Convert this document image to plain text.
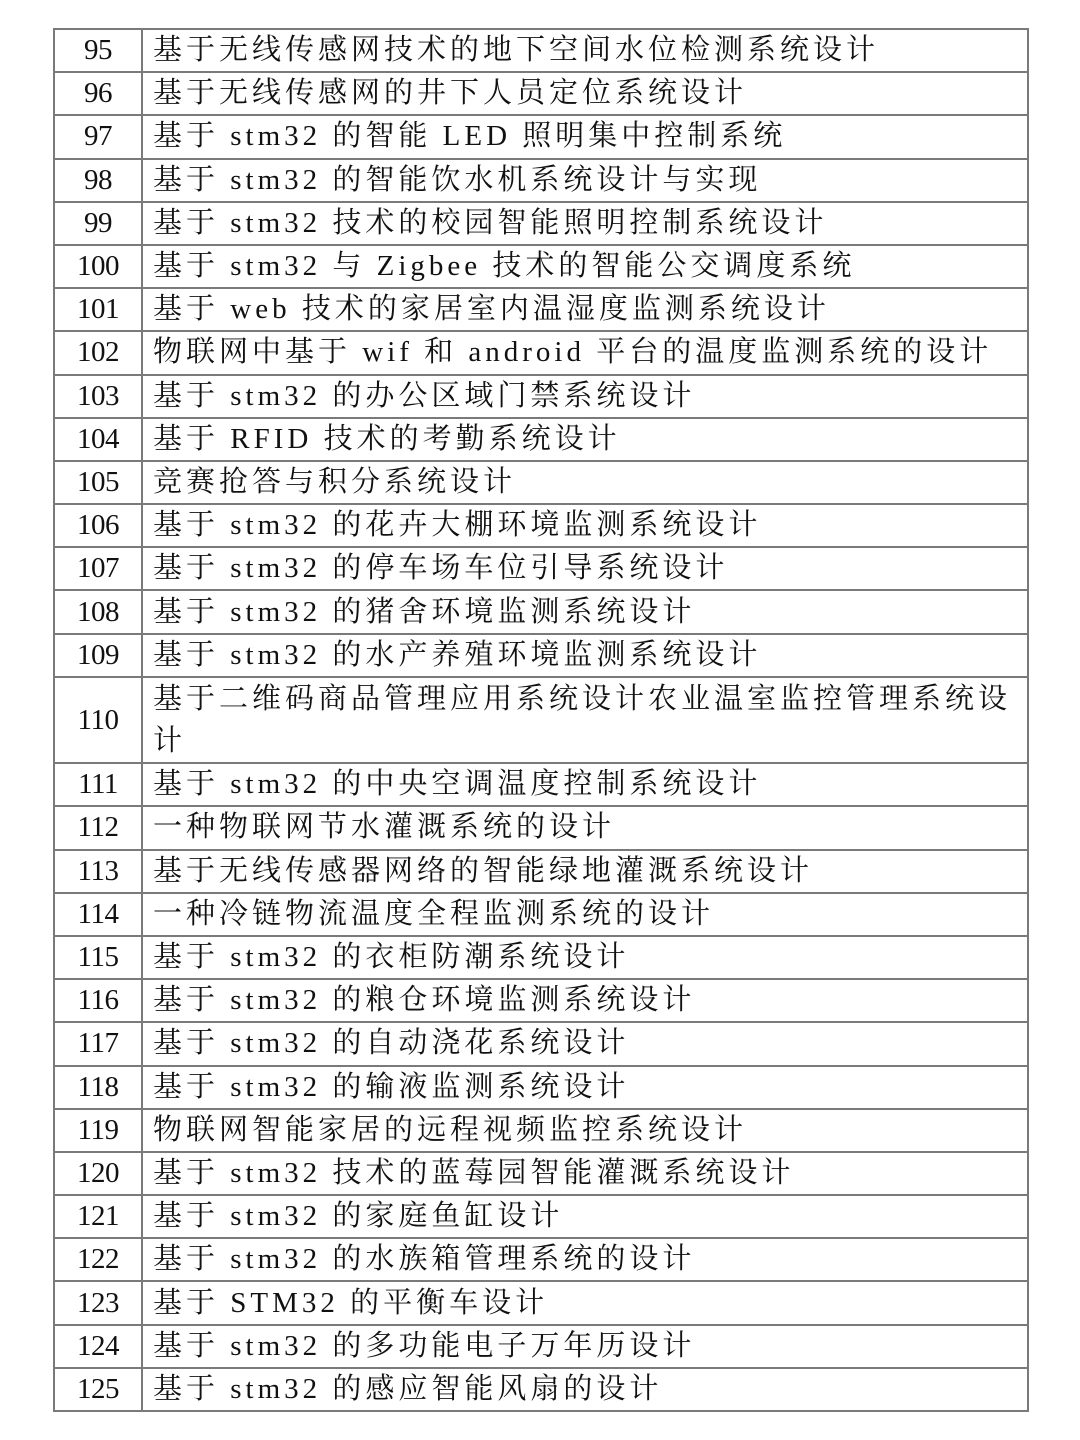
95	基于无线传感网技术的地下空间水位检测系统设计
96	基于无线传感网的井下人员定位系统设计
97	基于 stm32 的智能 LED 照明集中控制系统
98	基于 stm32 的智能饮水机系统设计与实现
99	基于 stm32 技术的校园智能照明控制系统设计
100	基于 stm32 与 Zigbee 技术的智能公交调度系统
101	基于 web 技术的家居室内温湿度监测系统设计
102	物联网中基于 wif 和 android 平台的温度监测系统的设计
103	基于 stm32 的办公区域门禁系统设计
104	基于 RFID 技术的考勤系统设计
105	竞赛抢答与积分系统设计
106	基于 stm32 的花卉大棚环境监测系统设计
107	基于 stm32 的停车场车位引导系统设计
108	基于 stm32 的猪舍环境监测系统设计
109	基于 stm32 的水产养殖环境监测系统设计
110	基于二维码商品管理应用系统设计农业温室监控管理系统设计
111	基于 stm32 的中央空调温度控制系统设计
112	一种物联网节水灌溉系统的设计
113	基于无线传感器网络的智能绿地灌溉系统设计
114	一种冷链物流温度全程监测系统的设计
115	基于 stm32 的衣柜防潮系统设计
116	基于 stm32 的粮仓环境监测系统设计
117	基于 stm32 的自动浇花系统设计
118	基于 stm32 的输液监测系统设计
119	物联网智能家居的远程视频监控系统设计
120	基于 stm32 技术的蓝莓园智能灌溉系统设计
121	基于 stm32 的家庭鱼缸设计
122	基于 stm32 的水族箱管理系统的设计
123	基于 STM32 的平衡车设计
124	基于 stm32 的多功能电子万年历设计
125	基于 stm32 的感应智能风扇的设计
